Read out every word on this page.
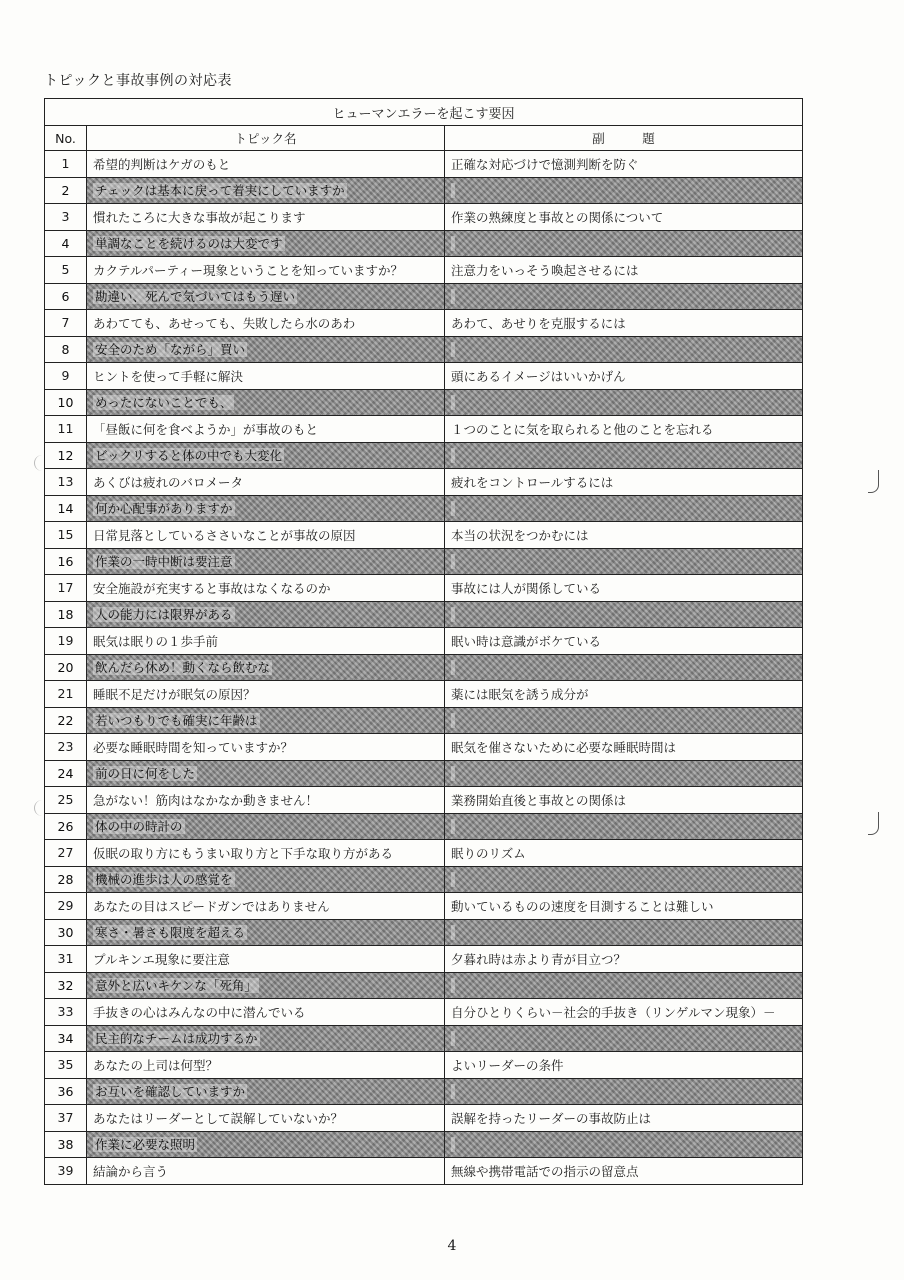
トピックと事故事例の対応表
ヒューマンエラーを起こす要因		
No.	トピック名	副　　　題
1	希望的判断はケガのもと	正確な対応づけで憶測判断を防ぐ
2	チェックは基本に戻って着実にしていますか	
3	慣れたころに大きな事故が起こります	作業の熟練度と事故との関係について
4	単調なことを続けるのは大変です	
5	カクテルパーティー現象ということを知っていますか？	注意力をいっそう喚起させるには
6	勘違い、死んで気づいてはもう遅い	
7	あわてても、あせっても、失敗したら水のあわ	あわて、あせりを克服するには
8	安全のため「ながら」買い	
9	ヒントを使って手軽に解決	頭にあるイメージはいいかげん
10	めったにないことでも、	
11	「昼飯に何を食べようか」が事故のもと	１つのことに気を取られると他のことを忘れる
12	ビックリすると体の中でも大変化	
13	あくびは疲れのバロメータ	疲れをコントロールするには
14	何か心配事がありますか	
15	日常見落としているささいなことが事故の原因	本当の状況をつかむには
16	作業の一時中断は要注意	
17	安全施設が充実すると事故はなくなるのか	事故には人が関係している
18	人の能力には限界がある	
19	眠気は眠りの１歩手前	眠い時は意識がボケている
20	飲んだら休め！動くなら飲むな	
21	睡眠不足だけが眠気の原因？	薬には眠気を誘う成分が
22	若いつもりでも確実に年齢は	
23	必要な睡眠時間を知っていますか？	眠気を催さないために必要な睡眠時間は
24	前の日に何をした	
25	急がない！筋肉はなかなか動きません！	業務開始直後と事故との関係は
26	体の中の時計の	
27	仮眠の取り方にもうまい取り方と下手な取り方がある	眠りのリズム
28	機械の進歩は人の感覚を	
29	あなたの目はスピードガンではありません	動いているものの速度を目測することは難しい
30	寒さ・暑さも限度を超える	
31	プルキンエ現象に要注意	夕暮れ時は赤より青が目立つ？
32	意外と広いキケンな「死角」	
33	手抜きの心はみんなの中に潜んでいる	自分ひとりくらい－社会的手抜き（リンゲルマン現象）－
34	民主的なチームは成功するか	
35	あなたの上司は何型？	よいリーダーの条件
36	お互いを確認していますか	
37	あなたはリーダーとして誤解していないか？	誤解を持ったリーダーの事故防止は
38	作業に必要な照明	
39	結論から言う	無線や携帯電話での指示の留意点
4
